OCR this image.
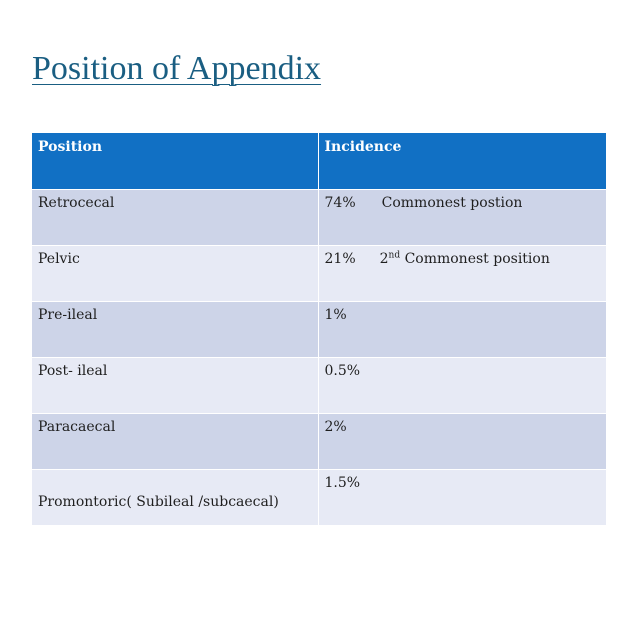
Position of Appendix
Position	Incidence
Retrocecal	74% Commonest postion
Pelvic	21% 2nd Commonest position
Pre-ileal	1%
Post- ileal	0.5%
Paracaecal	2%
Promontoric( Subileal /subcaecal)	1.5%
